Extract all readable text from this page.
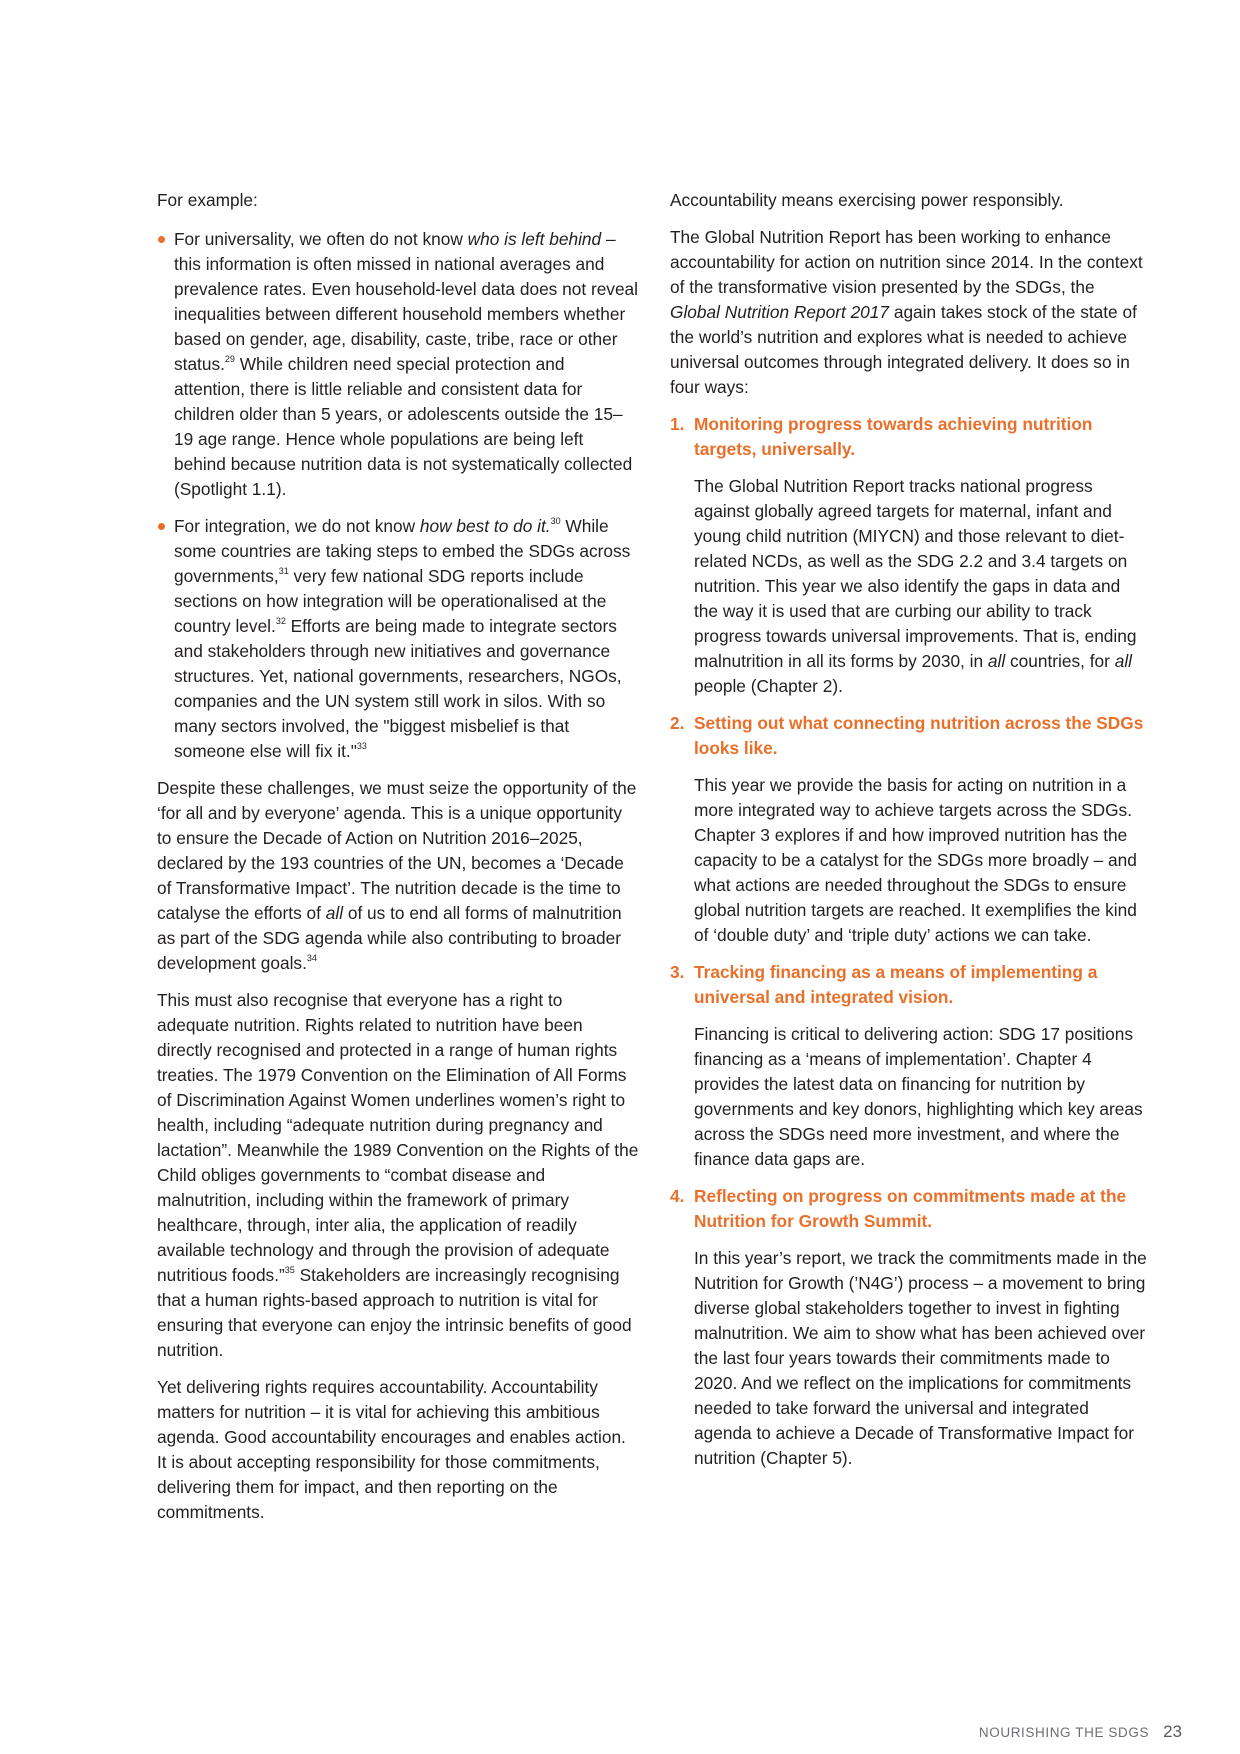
For example:

For universality, we often do not know who is left behind – this information is often missed in national averages and prevalence rates. Even household-level data does not reveal inequalities between different household members whether based on gender, age, disability, caste, tribe, race or other status.$^{29}$ While children need special protection and attention, there is little reliable and consistent data for children older than 5 years, or adolescents outside the 15–19 age range. Hence whole populations are being left behind because nutrition data is not systematically collected (Spotlight 1.1).
For integration, we do not know how best to do it.$^{30}$ While some countries are taking steps to embed the SDGs across governments,$^{31}$ very few national SDG reports include sections on how integration will be operationalised at the country level.$^{32}$ Efforts are being made to integrate sectors and stakeholders through new initiatives and governance structures. Yet, national governments, researchers, NGOs, companies and the UN system still work in silos. With so many sectors involved, the "biggest misbelief is that someone else will fix it."$^{33}$

Despite these challenges, we must seize the opportunity of the ‘for all and by everyone’ agenda. This is a unique opportunity to ensure the Decade of Action on Nutrition 2016–2025, declared by the 193 countries of the UN, becomes a ‘Decade of Transformative Impact’. The nutrition decade is the time to catalyse the efforts of all of us to end all forms of malnutrition as part of the SDG agenda while also contributing to broader development goals.$^{34}$

This must also recognise that everyone has a right to adequate nutrition. Rights related to nutrition have been directly recognised and protected in a range of human rights treaties. The 1979 Convention on the Elimination of All Forms of Discrimination Against Women underlines women’s right to health, including “adequate nutrition during pregnancy and lactation”. Meanwhile the 1989 Convention on the Rights of the Child obliges governments to “combat disease and malnutrition, including within the framework of primary healthcare, through, inter alia, the application of readily available technology and through the provision of adequate nutritious foods.”$^{35}$ Stakeholders are increasingly recognising that a human rights-based approach to nutrition is vital for ensuring that everyone can enjoy the intrinsic benefits of good nutrition.

Yet delivering rights requires accountability. Accountability matters for nutrition – it is vital for achieving this ambitious agenda. Good accountability encourages and enables action. It is about accepting responsibility for those commitments, delivering them for impact, and then reporting on the commitments.

Accountability means exercising power responsibly.

The Global Nutrition Report has been working to enhance accountability for action on nutrition since 2014. In the context of the transformative vision presented by the SDGs, the Global Nutrition Report 2017 again takes stock of the state of the world’s nutrition and explores what is needed to achieve universal outcomes through integrated delivery. It does so in four ways:

1. Monitoring progress towards achieving nutrition targets, universally.

The Global Nutrition Report tracks national progress against globally agreed targets for maternal, infant and young child nutrition (MIYCN) and those relevant to diet-related NCDs, as well as the SDG 2.2 and 3.4 targets on nutrition. This year we also identify the gaps in data and the way it is used that are curbing our ability to track progress towards universal improvements. That is, ending malnutrition in all its forms by 2030, in all countries, for all people (Chapter 2).

2. Setting out what connecting nutrition across the SDGs looks like.

This year we provide the basis for acting on nutrition in a more integrated way to achieve targets across the SDGs. Chapter 3 explores if and how improved nutrition has the capacity to be a catalyst for the SDGs more broadly – and what actions are needed throughout the SDGs to ensure global nutrition targets are reached. It exemplifies the kind of ‘double duty’ and ‘triple duty’ actions we can take.

3. Tracking financing as a means of implementing a universal and integrated vision.

Financing is critical to delivering action: SDG 17 positions financing as a ‘means of implementation’. Chapter 4 provides the latest data on financing for nutrition by governments and key donors, highlighting which key areas across the SDGs need more investment, and where the finance data gaps are.

4. Reflecting on progress on commitments made at the Nutrition for Growth Summit.

In this year’s report, we track the commitments made in the Nutrition for Growth (’N4G’) process – a movement to bring diverse global stakeholders together to invest in fighting malnutrition. We aim to show what has been achieved over the last four years towards their commitments made to 2020. And we reflect on the implications for commitments needed to take forward the universal and integrated agenda to achieve a Decade of Transformative Impact for nutrition (Chapter 5).

NOURISHING THE SDGS 23
